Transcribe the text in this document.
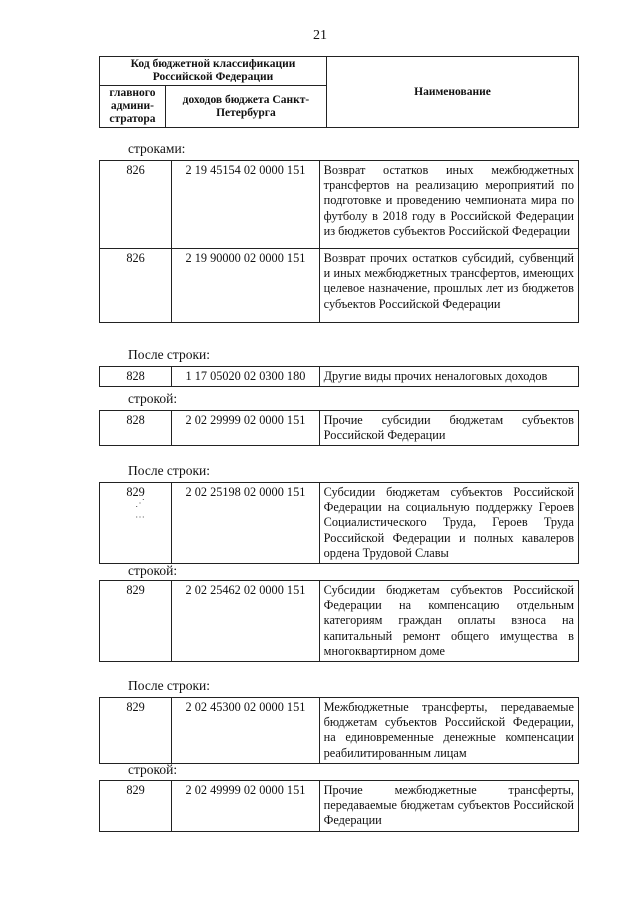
21
Код бюджетной классификации Российской Федерации		Наименование
главного админи-стратора	доходов бюджета Санкт-Петербурга	
строками:
826	2 19 45154 02 0000 151	Возврат остатков иных межбюджетных трансфертов на реализацию мероприятий по подготовке и проведению чемпионата мира по футболу в 2018 году в Российской Федерации из бюджетов субъектов Российской Федерации
826	2 19 90000 02 0000 151	Возврат прочих остатков субсидий, субвенций и иных межбюджетных трансфертов, имеющих целевое назначение, прошлых лет из бюджетов субъектов Российской Федерации
После строки:
828	1 17 05020 02 0300 180	Другие виды прочих неналоговых доходов
строкой:
828	2 02 29999 02 0000 151	Прочие субсидии бюджетам субъектов Российской Федерации
После строки:
829	2 02 25198 02 0000 151	Субсидии бюджетам субъектов Российской Федерации на социальную поддержку Героев Социалистического Труда, Героев Труда Российской Федерации и полных кавалеров ордена Трудовой Славы
⋰
⋯
строкой:
829	2 02 25462 02 0000 151	Субсидии бюджетам субъектов Российской Федерации на компенсацию отдельным категориям граждан оплаты взноса на капитальный ремонт общего имущества в многоквартирном доме
После строки:
829	2 02 45300 02 0000 151	Межбюджетные трансферты, передаваемые бюджетам субъектов Российской Федерации, на единовременные денежные компенсации реабилитированным лицам
строкой:
829	2 02 49999 02 0000 151	Прочие межбюджетные трансферты, передаваемые бюджетам субъектов Российской Федерации
